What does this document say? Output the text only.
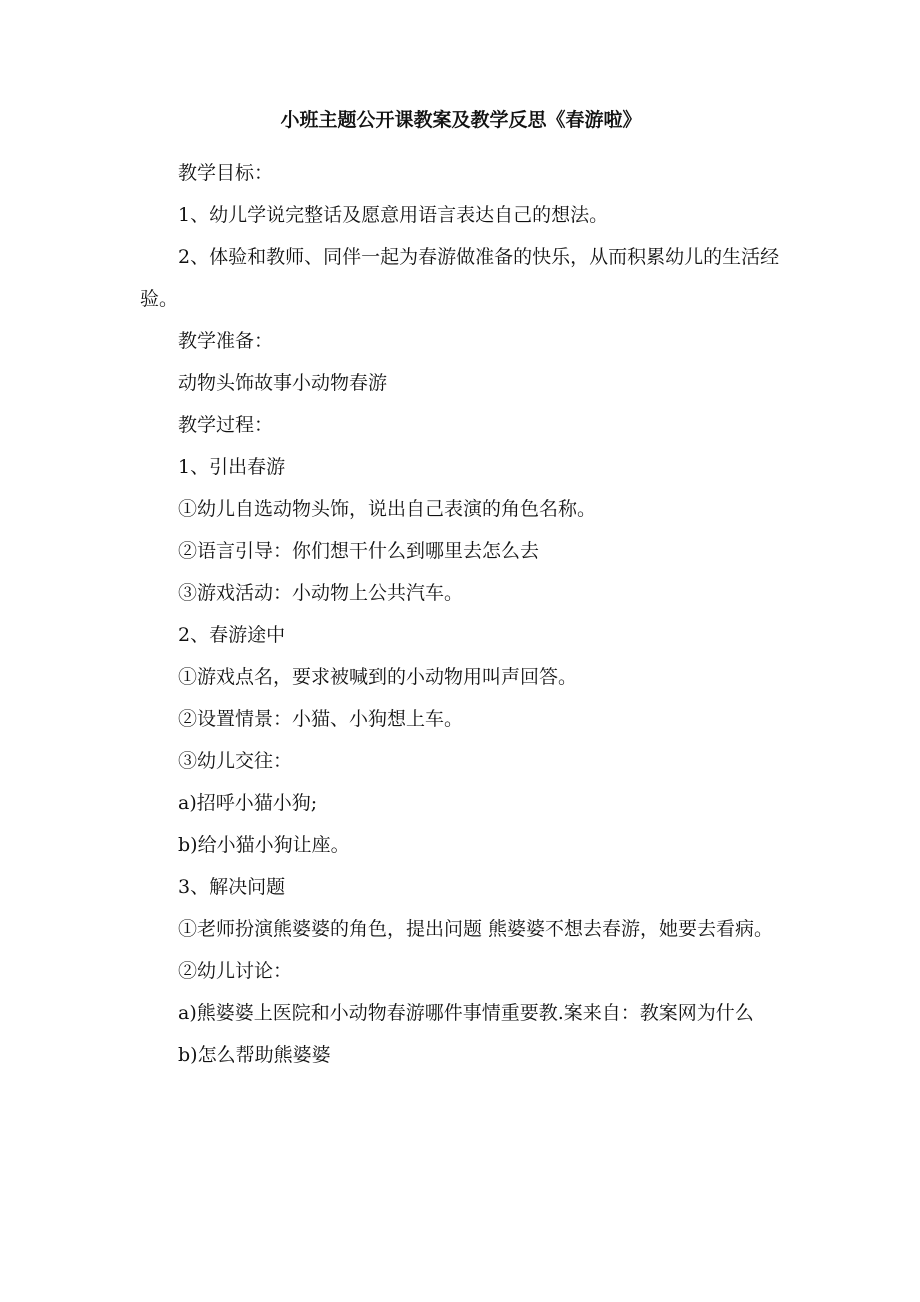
小班主题公开课教案及教学反思《春游啦》

教学目标：

1、幼儿学说完整话及愿意用语言表达自己的想法。

2、体验和教师、同伴一起为春游做准备的快乐，从而积累幼儿的生活经验。

教学准备：

动物头饰故事小动物春游

教学过程：

1、引出春游

①幼儿自选动物头饰，说出自己表演的角色名称。

②语言引导：你们想干什么到哪里去怎么去

③游戏活动：小动物上公共汽车。

2、春游途中

①游戏点名，要求被喊到的小动物用叫声回答。

②设置情景：小猫、小狗想上车。

③幼儿交往：

a)招呼小猫小狗;

b)给小猫小狗让座。

3、解决问题

①老师扮演熊婆婆的角色，提出问题 熊婆婆不想去春游，她要去看病。

②幼儿讨论：

a)熊婆婆上医院和小动物春游哪件事情重要教.案来自：教案网为什么

b)怎么帮助熊婆婆
